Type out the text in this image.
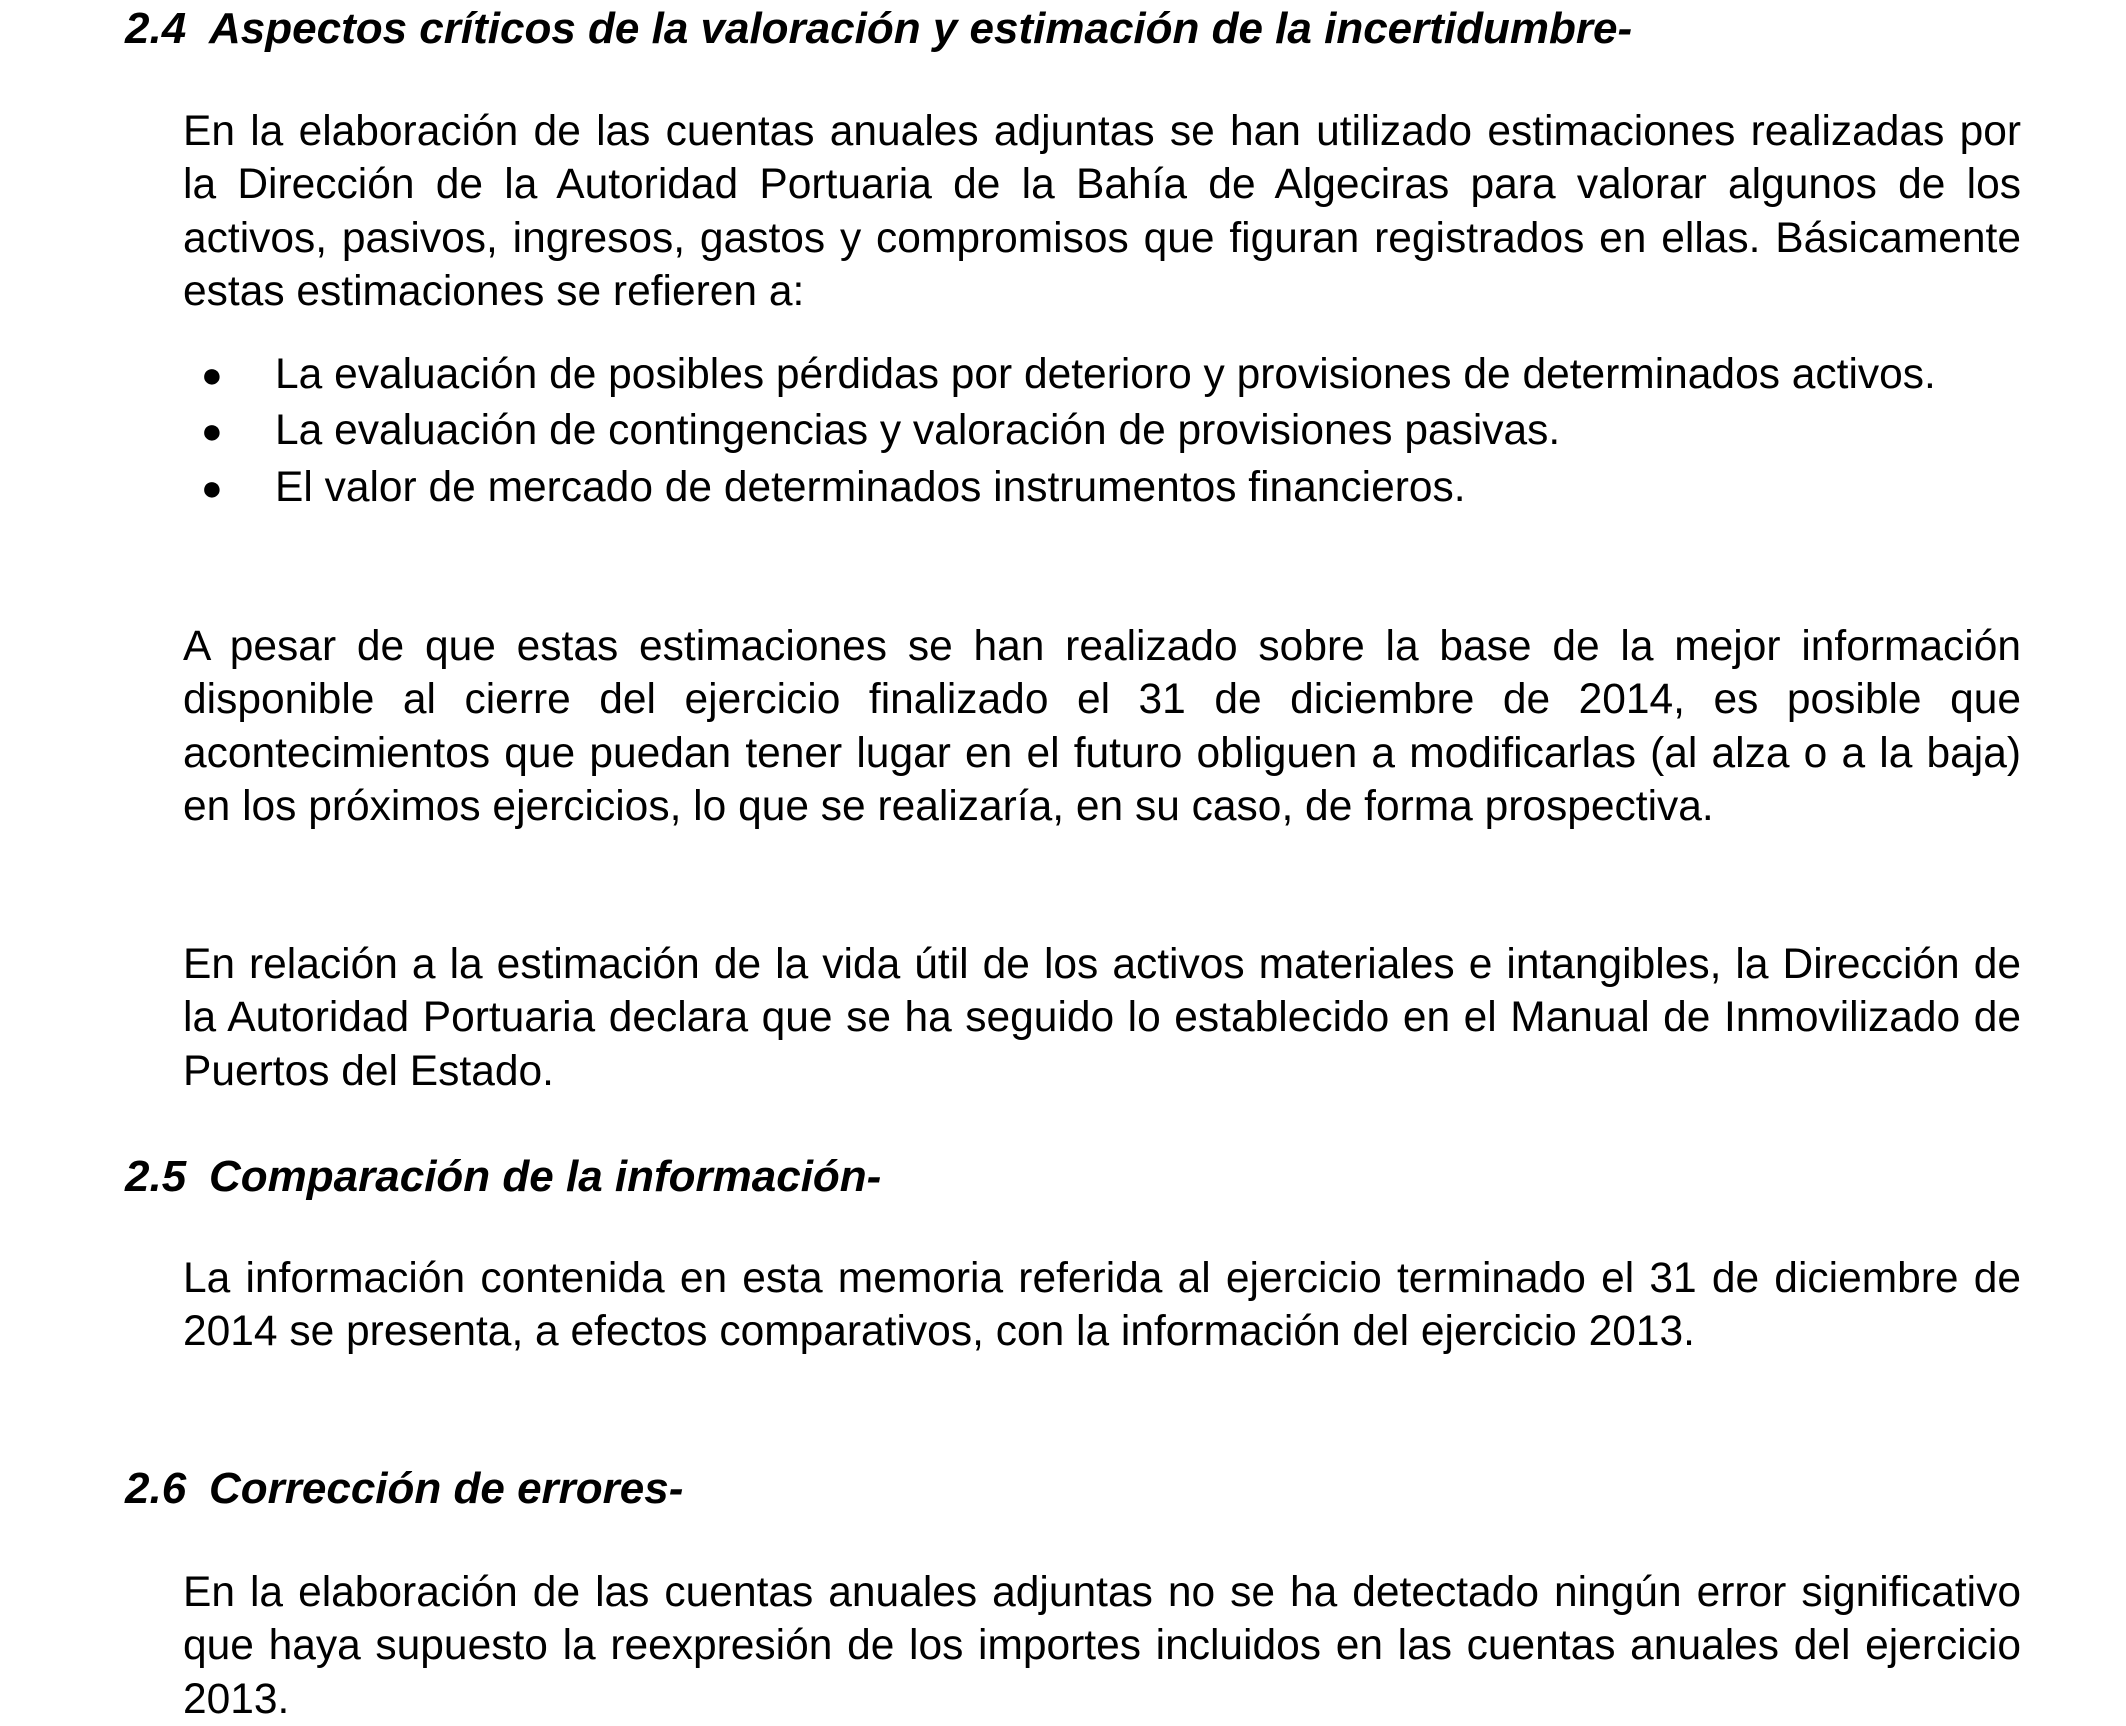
2.4 Aspectos críticos de la valoración y estimación de la incertidumbre-

En la elaboración de las cuentas anuales adjuntas se han utilizado estimaciones realizadas por la Dirección de la Autoridad Portuaria de la Bahía de Algeciras para valorar algunos de los activos, pasivos, ingresos, gastos y compromisos que figuran registrados en ellas. Básicamente estas estimaciones se refieren a:

● La evaluación de posibles pérdidas por deterioro y provisiones de determinados activos.
● La evaluación de contingencias y valoración de provisiones pasivas.
● El valor de mercado de determinados instrumentos financieros.

A pesar de que estas estimaciones se han realizado sobre la base de la mejor información disponible al cierre del ejercicio finalizado el 31 de diciembre de 2014, es posible que acontecimientos que puedan tener lugar en el futuro obliguen a modificarlas (al alza o a la baja) en los próximos ejercicios, lo que se realizaría, en su caso, de forma prospectiva.

En relación a la estimación de la vida útil de los activos materiales e intangibles, la Dirección de la Autoridad Portuaria declara que se ha seguido lo establecido en el Manual de Inmovilizado de Puertos del Estado.

2.5 Comparación de la información-

La información contenida en esta memoria referida al ejercicio terminado el 31 de diciembre de 2014 se presenta, a efectos comparativos, con la información del ejercicio 2013.

2.6 Corrección de errores-

En la elaboración de las cuentas anuales adjuntas no se ha detectado ningún error significativo que haya supuesto la reexpresión de los importes incluidos en las cuentas anuales del ejercicio 2013.
